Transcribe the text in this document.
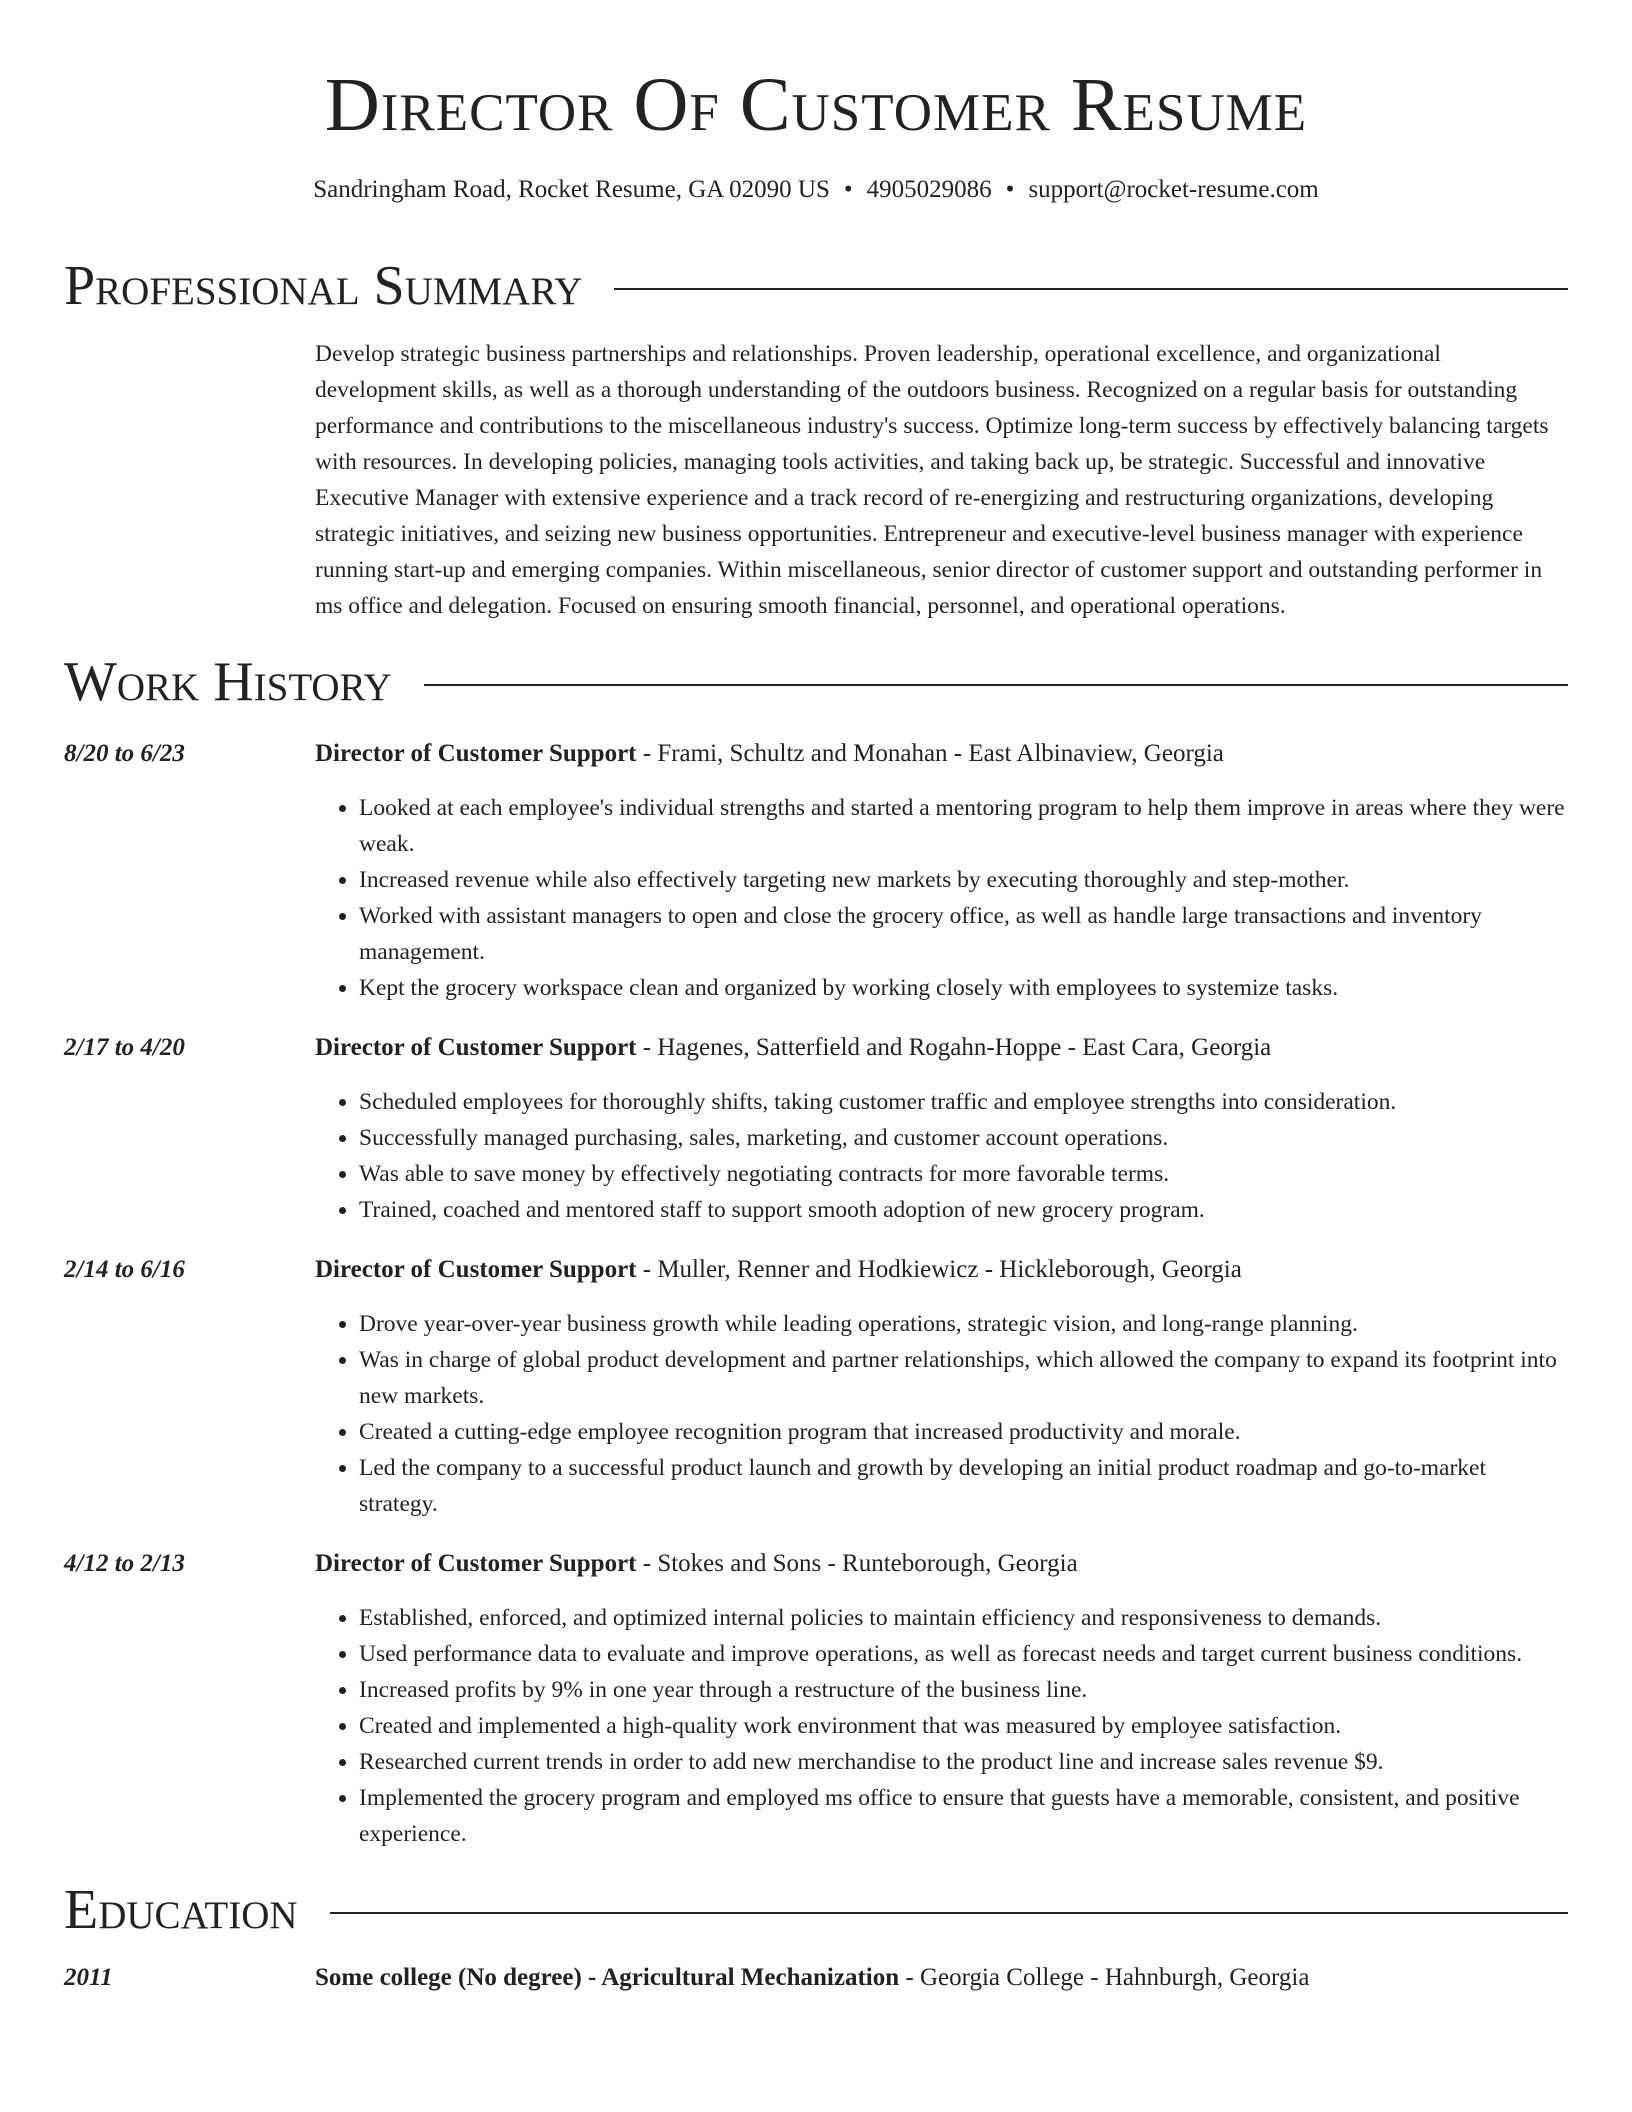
Director Of Customer Resume
Sandringham Road, Rocket Resume, GA 02090 US • 4905029086 • support@rocket-resume.com
Professional Summary
Develop strategic business partnerships and relationships. Proven leadership, operational excellence, and organizational development skills, as well as a thorough understanding of the outdoors business. Recognized on a regular basis for outstanding performance and contributions to the miscellaneous industry's success. Optimize long-term success by effectively balancing targets with resources. In developing policies, managing tools activities, and taking back up, be strategic. Successful and innovative Executive Manager with extensive experience and a track record of re-energizing and restructuring organizations, developing strategic initiatives, and seizing new business opportunities. Entrepreneur and executive-level business manager with experience running start-up and emerging companies. Within miscellaneous, senior director of customer support and outstanding performer in ms office and delegation. Focused on ensuring smooth financial, personnel, and operational operations.
Work History
8/20 to 6/23	Director of Customer Support - Frami, Schultz and Monahan - East Albinaview, Georgia
• Looked at each employee's individual strengths and started a mentoring program to help them improve in areas where they were weak.
• Increased revenue while also effectively targeting new markets by executing thoroughly and step-mother.
• Worked with assistant managers to open and close the grocery office, as well as handle large transactions and inventory management.
• Kept the grocery workspace clean and organized by working closely with employees to systemize tasks.
2/17 to 4/20	Director of Customer Support - Hagenes, Satterfield and Rogahn-Hoppe - East Cara, Georgia
• Scheduled employees for thoroughly shifts, taking customer traffic and employee strengths into consideration.
• Successfully managed purchasing, sales, marketing, and customer account operations.
• Was able to save money by effectively negotiating contracts for more favorable terms.
• Trained, coached and mentored staff to support smooth adoption of new grocery program.
2/14 to 6/16	Director of Customer Support - Muller, Renner and Hodkiewicz - Hickleborough, Georgia
• Drove year-over-year business growth while leading operations, strategic vision, and long-range planning.
• Was in charge of global product development and partner relationships, which allowed the company to expand its footprint into new markets.
• Created a cutting-edge employee recognition program that increased productivity and morale.
• Led the company to a successful product launch and growth by developing an initial product roadmap and go-to-market strategy.
4/12 to 2/13	Director of Customer Support - Stokes and Sons - Runteborough, Georgia
• Established, enforced, and optimized internal policies to maintain efficiency and responsiveness to demands.
• Used performance data to evaluate and improve operations, as well as forecast needs and target current business conditions.
• Increased profits by 9% in one year through a restructure of the business line.
• Created and implemented a high-quality work environment that was measured by employee satisfaction.
• Researched current trends in order to add new merchandise to the product line and increase sales revenue $9.
• Implemented the grocery program and employed ms office to ensure that guests have a memorable, consistent, and positive experience.
Education
2011	Some college (No degree) - Agricultural Mechanization - Georgia College - Hahnburgh, Georgia
